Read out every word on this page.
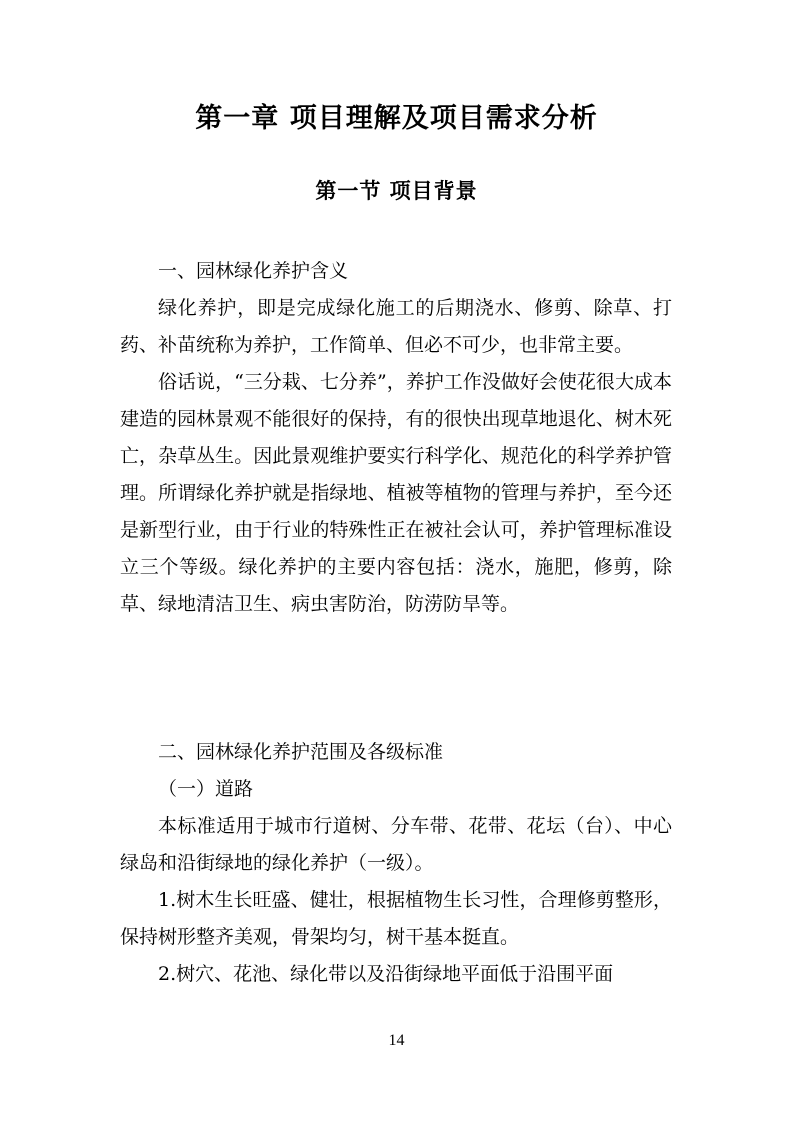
第一章 项目理解及项目需求分析
第一节 项目背景

一、园林绿化养护含义

绿化养护，即是完成绿化施工的后期浇水、修剪、除草、打药、补苗统称为养护，工作简单、但必不可少，也非常主要。

俗话说，“三分栽、七分养”，养护工作没做好会使花很大成本建造的园林景观不能很好的保持，有的很快出现草地退化、树木死亡，杂草丛生。因此景观维护要实行科学化、规范化的科学养护管理。所谓绿化养护就是指绿地、植被等植物的管理与养护，至今还是新型行业，由于行业的特殊性正在被社会认可，养护管理标准设立三个等级。绿化养护的主要内容包括：浇水，施肥，修剪，除草、绿地清洁卫生、病虫害防治，防涝防旱等。

二、园林绿化养护范围及各级标准

（一）道路

本标准适用于城市行道树、分车带、花带、花坛（台）、中心绿岛和沿街绿地的绿化养护（一级）。

1.树木生长旺盛、健壮，根据植物生长习性，合理修剪整形，保持树形整齐美观，骨架均匀，树干基本挺直。

2.树穴、花池、绿化带以及沿街绿地平面低于沿围平面

14
